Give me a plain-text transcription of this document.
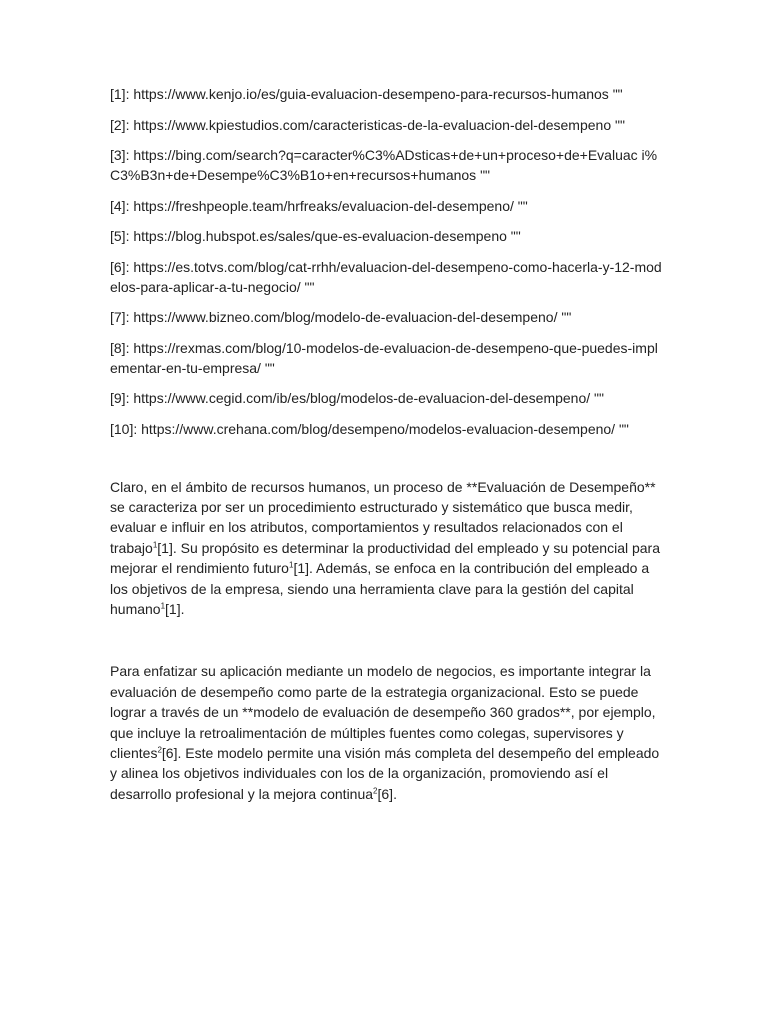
[1]: https://www.kenjo.io/es/guia-evaluacion-desempeno-para-recursos-humanos ""
[2]: https://www.kpiestudios.com/caracteristicas-de-la-evaluacion-del-desempeno ""
[3]: https://bing.com/search?q=caracter%C3%ADsticas+de+un+proceso+de+Evaluac i%C3%B3n+de+Desempe%C3%B1o+en+recursos+humanos ""
[4]: https://freshpeople.team/hrfreaks/evaluacion-del-desempeno/ ""
[5]: https://blog.hubspot.es/sales/que-es-evaluacion-desempeno ""
[6]: https://es.totvs.com/blog/cat-rrhh/evaluacion-del-desempeno-como-hacerla-y-12-modelos-para-aplicar-a-tu-negocio/ ""
[7]: https://www.bizneo.com/blog/modelo-de-evaluacion-del-desempeno/ ""
[8]: https://rexmas.com/blog/10-modelos-de-evaluacion-de-desempeno-que-puedes-implementar-en-tu-empresa/ ""
[9]: https://www.cegid.com/ib/es/blog/modelos-de-evaluacion-del-desempeno/ ""
[10]: https://www.crehana.com/blog/desempeno/modelos-evaluacion-desempeno/ ""

Claro, en el ámbito de recursos humanos, un proceso de **Evaluación de Desempeño** se caracteriza por ser un procedimiento estructurado y sistemático que busca medir, evaluar e influir en los atributos, comportamientos y resultados relacionados con el trabajo$^1$[1]. Su propósito es determinar la productividad del empleado y su potencial para mejorar el rendimiento futuro$^1$[1]. Además, se enfoca en la contribución del empleado a los objetivos de la empresa, siendo una herramienta clave para la gestión del capital humano$^1$[1].

Para enfatizar su aplicación mediante un modelo de negocios, es importante integrar la evaluación de desempeño como parte de la estrategia organizacional. Esto se puede lograr a través de un **modelo de evaluación de desempeño 360 grados**, por ejemplo, que incluye la retroalimentación de múltiples fuentes como colegas, supervisores y clientes$^2$[6]. Este modelo permite una visión más completa del desempeño del empleado y alinea los objetivos individuales con los de la organización, promoviendo así el desarrollo profesional y la mejora continua$^2$[6].
